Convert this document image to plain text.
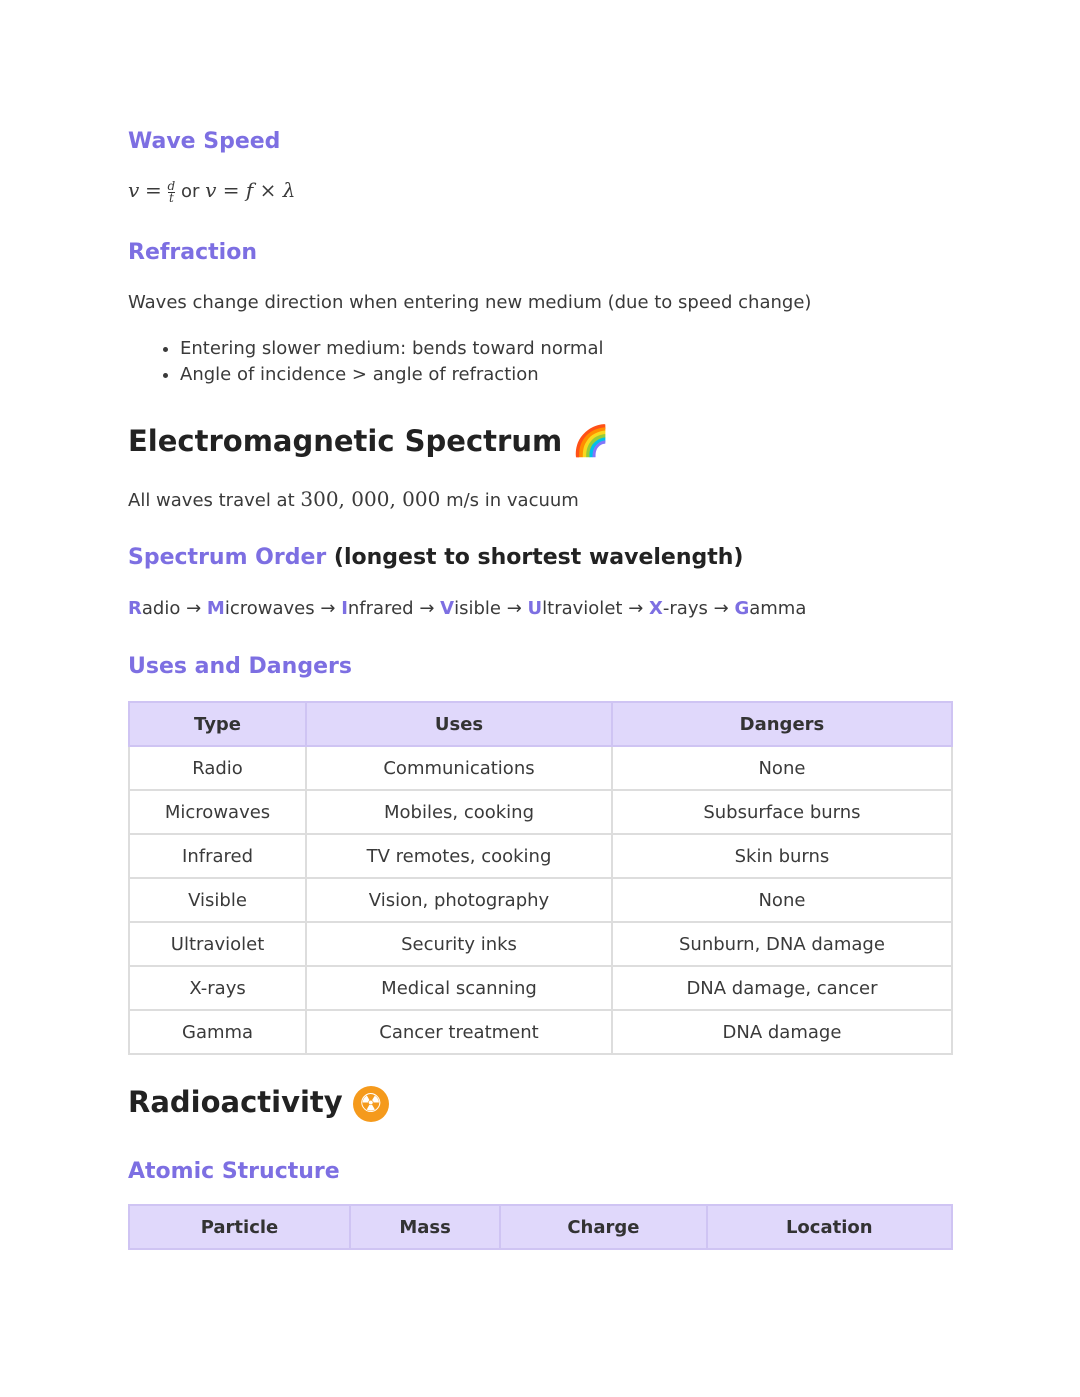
Wave Speed

$v = \frac{d}{t}$ or v = f × λ

Refraction

Waves change direction when entering new medium (due to speed change)

• Entering slower medium: bends toward normal
• Angle of incidence > angle of refraction
Electromagnetic Spectrum 🌈

All waves travel at 300, 000, 000 m/s in vacuum

Spectrum Order (longest to shortest wavelength)

Radio → Microwaves → Infrared → Visible → Ultraviolet → X-rays → Gamma

Uses and Dangers
Type	Uses	Dangers
Radio	Communications	None
Microwaves	Mobiles, cooking	Subsurface burns
Infrared	TV remotes, cooking	Skin burns
Visible	Vision, photography	None
Ultraviolet	Security inks	Sunburn, DNA damage
X-rays	Medical scanning	DNA damage, cancer
Gamma	Cancer treatment	DNA damage
Radioactivity ☢
Atomic Structure
Particle	Mass	Charge	Location
